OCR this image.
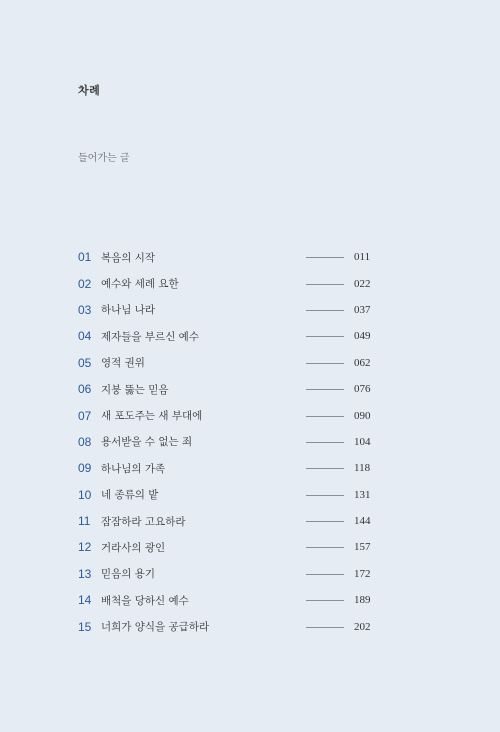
차례
들어가는 글
01 복음의 시작	011
02 예수와 세례 요한	022
03 하나님 나라	037
04 제자들을 부르신 예수	049
05 영적 권위	062
06 지붕 뚫는 믿음	076
07 새 포도주는 새 부대에	090
08 용서받을 수 없는 죄	104
09 하나님의 가족	118
10 네 종류의 밭	131
11	잠잠하라 고요하라	144
12 거라사의 광인	157
13 믿음의 용기	172
14 배척을 당하신 예수	189
15 너희가 양식을 공급하라	202
